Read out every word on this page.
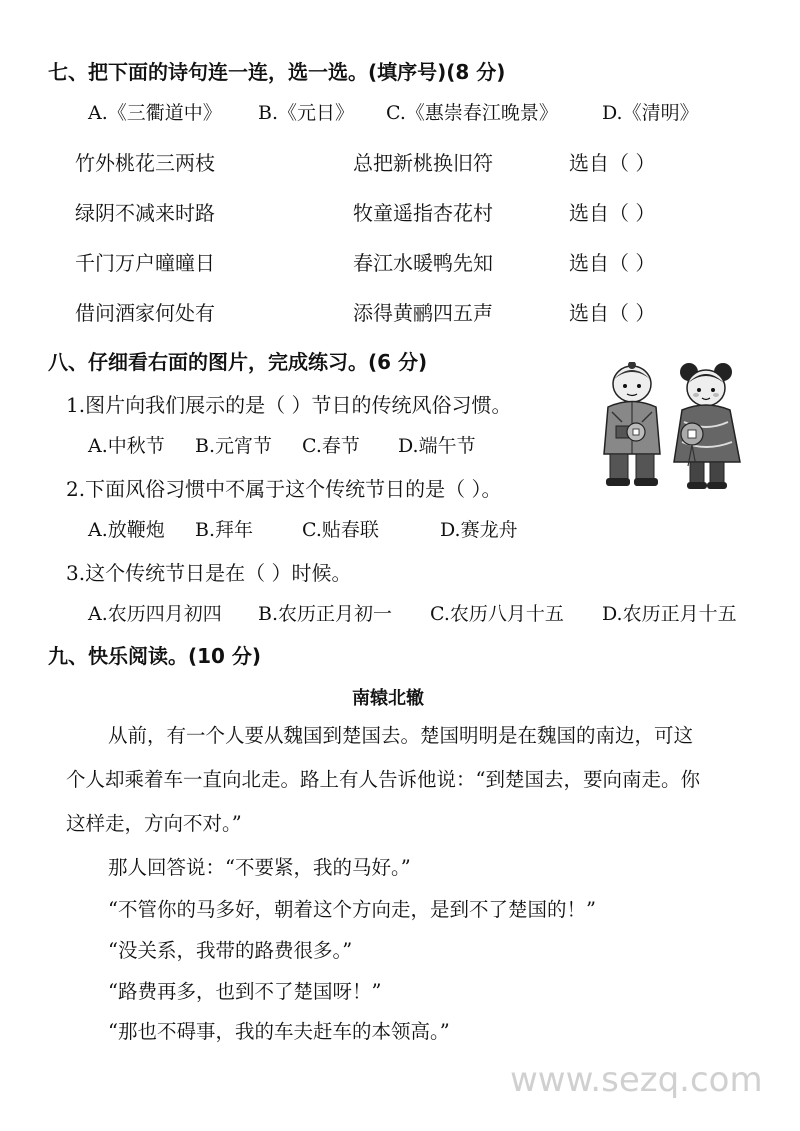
七、把下面的诗句连一连，选一选。(填序号)(8 分)
A.《三衢道中》 B.《元日》 C.《惠崇春江晚景》 D.《清明》
竹外桃花三两枝	总把新桃换旧符	选自（ ）
绿阴不减来时路	牧童遥指杏花村	选自（ ）
千门万户曈曈日	春江水暖鸭先知	选自（ ）
借问酒家何处有	添得黄鹂四五声	选自（ ）
八、仔细看右面的图片，完成练习。(6 分)
1.图片向我们展示的是（ ）节日的传统风俗习惯。
A.中秋节 B.元宵节 C.春节 D.端午节
2.下面风俗习惯中不属于这个传统节日的是（ ）。
A.放鞭炮 B.拜年	C.贴春联	D.赛龙舟
3.这个传统节日是在（ ）时候。
A.农历四月初四 B.农历正月初一 C.农历八月十五 D.农历正月十五
九、快乐阅读。(10 分)
南辕北辙
从前，有一个人要从魏国到楚国去。楚国明明是在魏国的南边，可这
个人却乘着车一直向北走。路上有人告诉他说：“到楚国去，要向南走。你
这样走，方向不对。”
那人回答说：“不要紧，我的马好。”
“不管你的马多好，朝着这个方向走，是到不了楚国的！”
“没关系，我带的路费很多。”
“路费再多，也到不了楚国呀！”
“那也不碍事，我的车夫赶车的本领高。”
www.sezq.com
